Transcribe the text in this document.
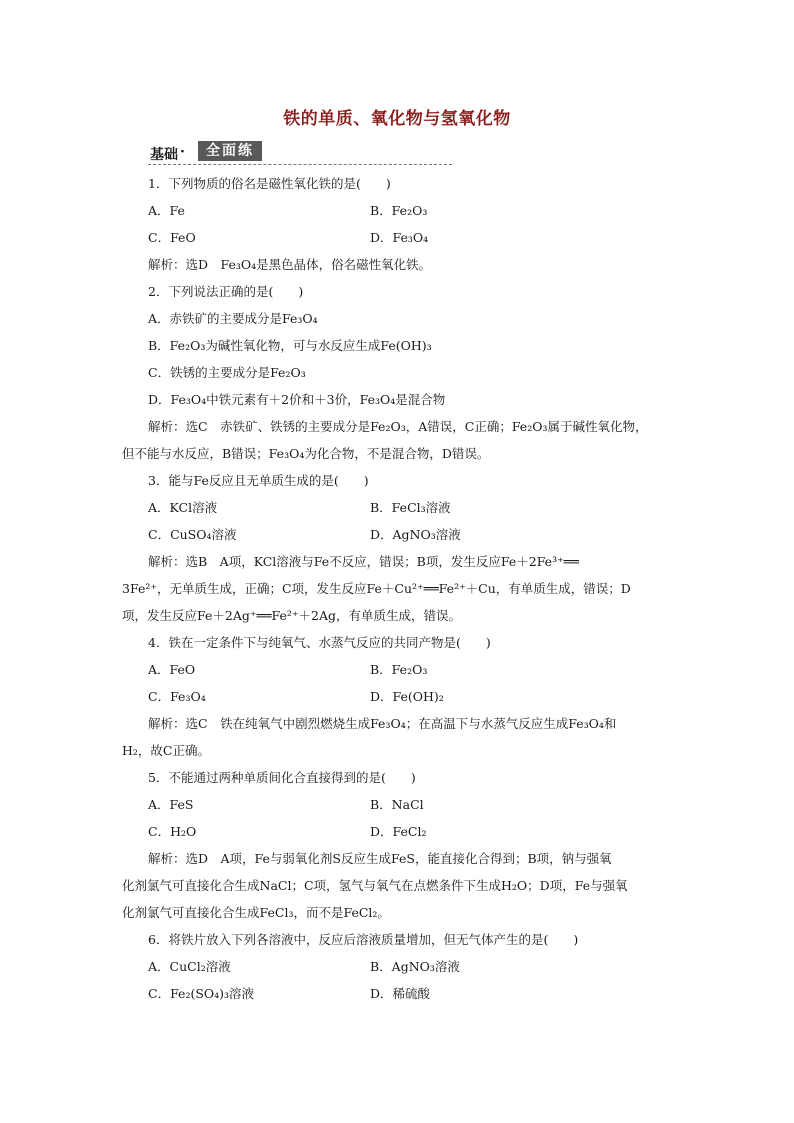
铁的单质、氧化物与氢氧化物
基础 ·	全面练
1．下列物质的俗名是磁性氧化铁的是(　　)
A．Fe	B．Fe₂O₃
C．FeO	D．Fe₃O₄
解析：选D　Fe₃O₄是黑色晶体，俗名磁性氧化铁。
2．下列说法正确的是(　　)
A．赤铁矿的主要成分是Fe₃O₄
B．Fe₂O₃为碱性氧化物，可与水反应生成Fe(OH)₃
C．铁锈的主要成分是Fe₂O₃
D．Fe₃O₄中铁元素有＋2价和＋3价，Fe₃O₄是混合物
解析：选C　赤铁矿、铁锈的主要成分是Fe₂O₃，A错误，C正确；Fe₂O₃属于碱性氧化物，
但不能与水反应，B错误；Fe₃O₄为化合物，不是混合物，D错误。
3．能与Fe反应且无单质生成的是(　　)
A．KCl溶液	B．FeCl₃溶液
C．CuSO₄溶液	D．AgNO₃溶液
解析：选B　A项，KCl溶液与Fe不反应，错误；B项，发生反应Fe＋2Fe³⁺══
3Fe²⁺，无单质生成，正确；C项，发生反应Fe＋Cu²⁺══Fe²⁺＋Cu，有单质生成，错误；D
项，发生反应Fe＋2Ag⁺══Fe²⁺＋2Ag，有单质生成，错误。
4．铁在一定条件下与纯氧气、水蒸气反应的共同产物是(　　)
A．FeO	B．Fe₂O₃
C．Fe₃O₄	D．Fe(OH)₂
解析：选C　铁在纯氧气中剧烈燃烧生成Fe₃O₄；在高温下与水蒸气反应生成Fe₃O₄和
H₂，故C正确。
5．不能通过两种单质间化合直接得到的是(　　)
A．FeS	B．NaCl
C．H₂O	D．FeCl₂
解析：选D　A项，Fe与弱氧化剂S反应生成FeS，能直接化合得到；B项，钠与强氧
化剂氯气可直接化合生成NaCl；C项，氢气与氧气在点燃条件下生成H₂O；D项，Fe与强氧
化剂氯气可直接化合生成FeCl₃，而不是FeCl₂。
6．将铁片放入下列各溶液中，反应后溶液质量增加，但无气体产生的是(　　)
A．CuCl₂溶液	B．AgNO₃溶液
C．Fe₂(SO₄)₃溶液	D．稀硫酸
